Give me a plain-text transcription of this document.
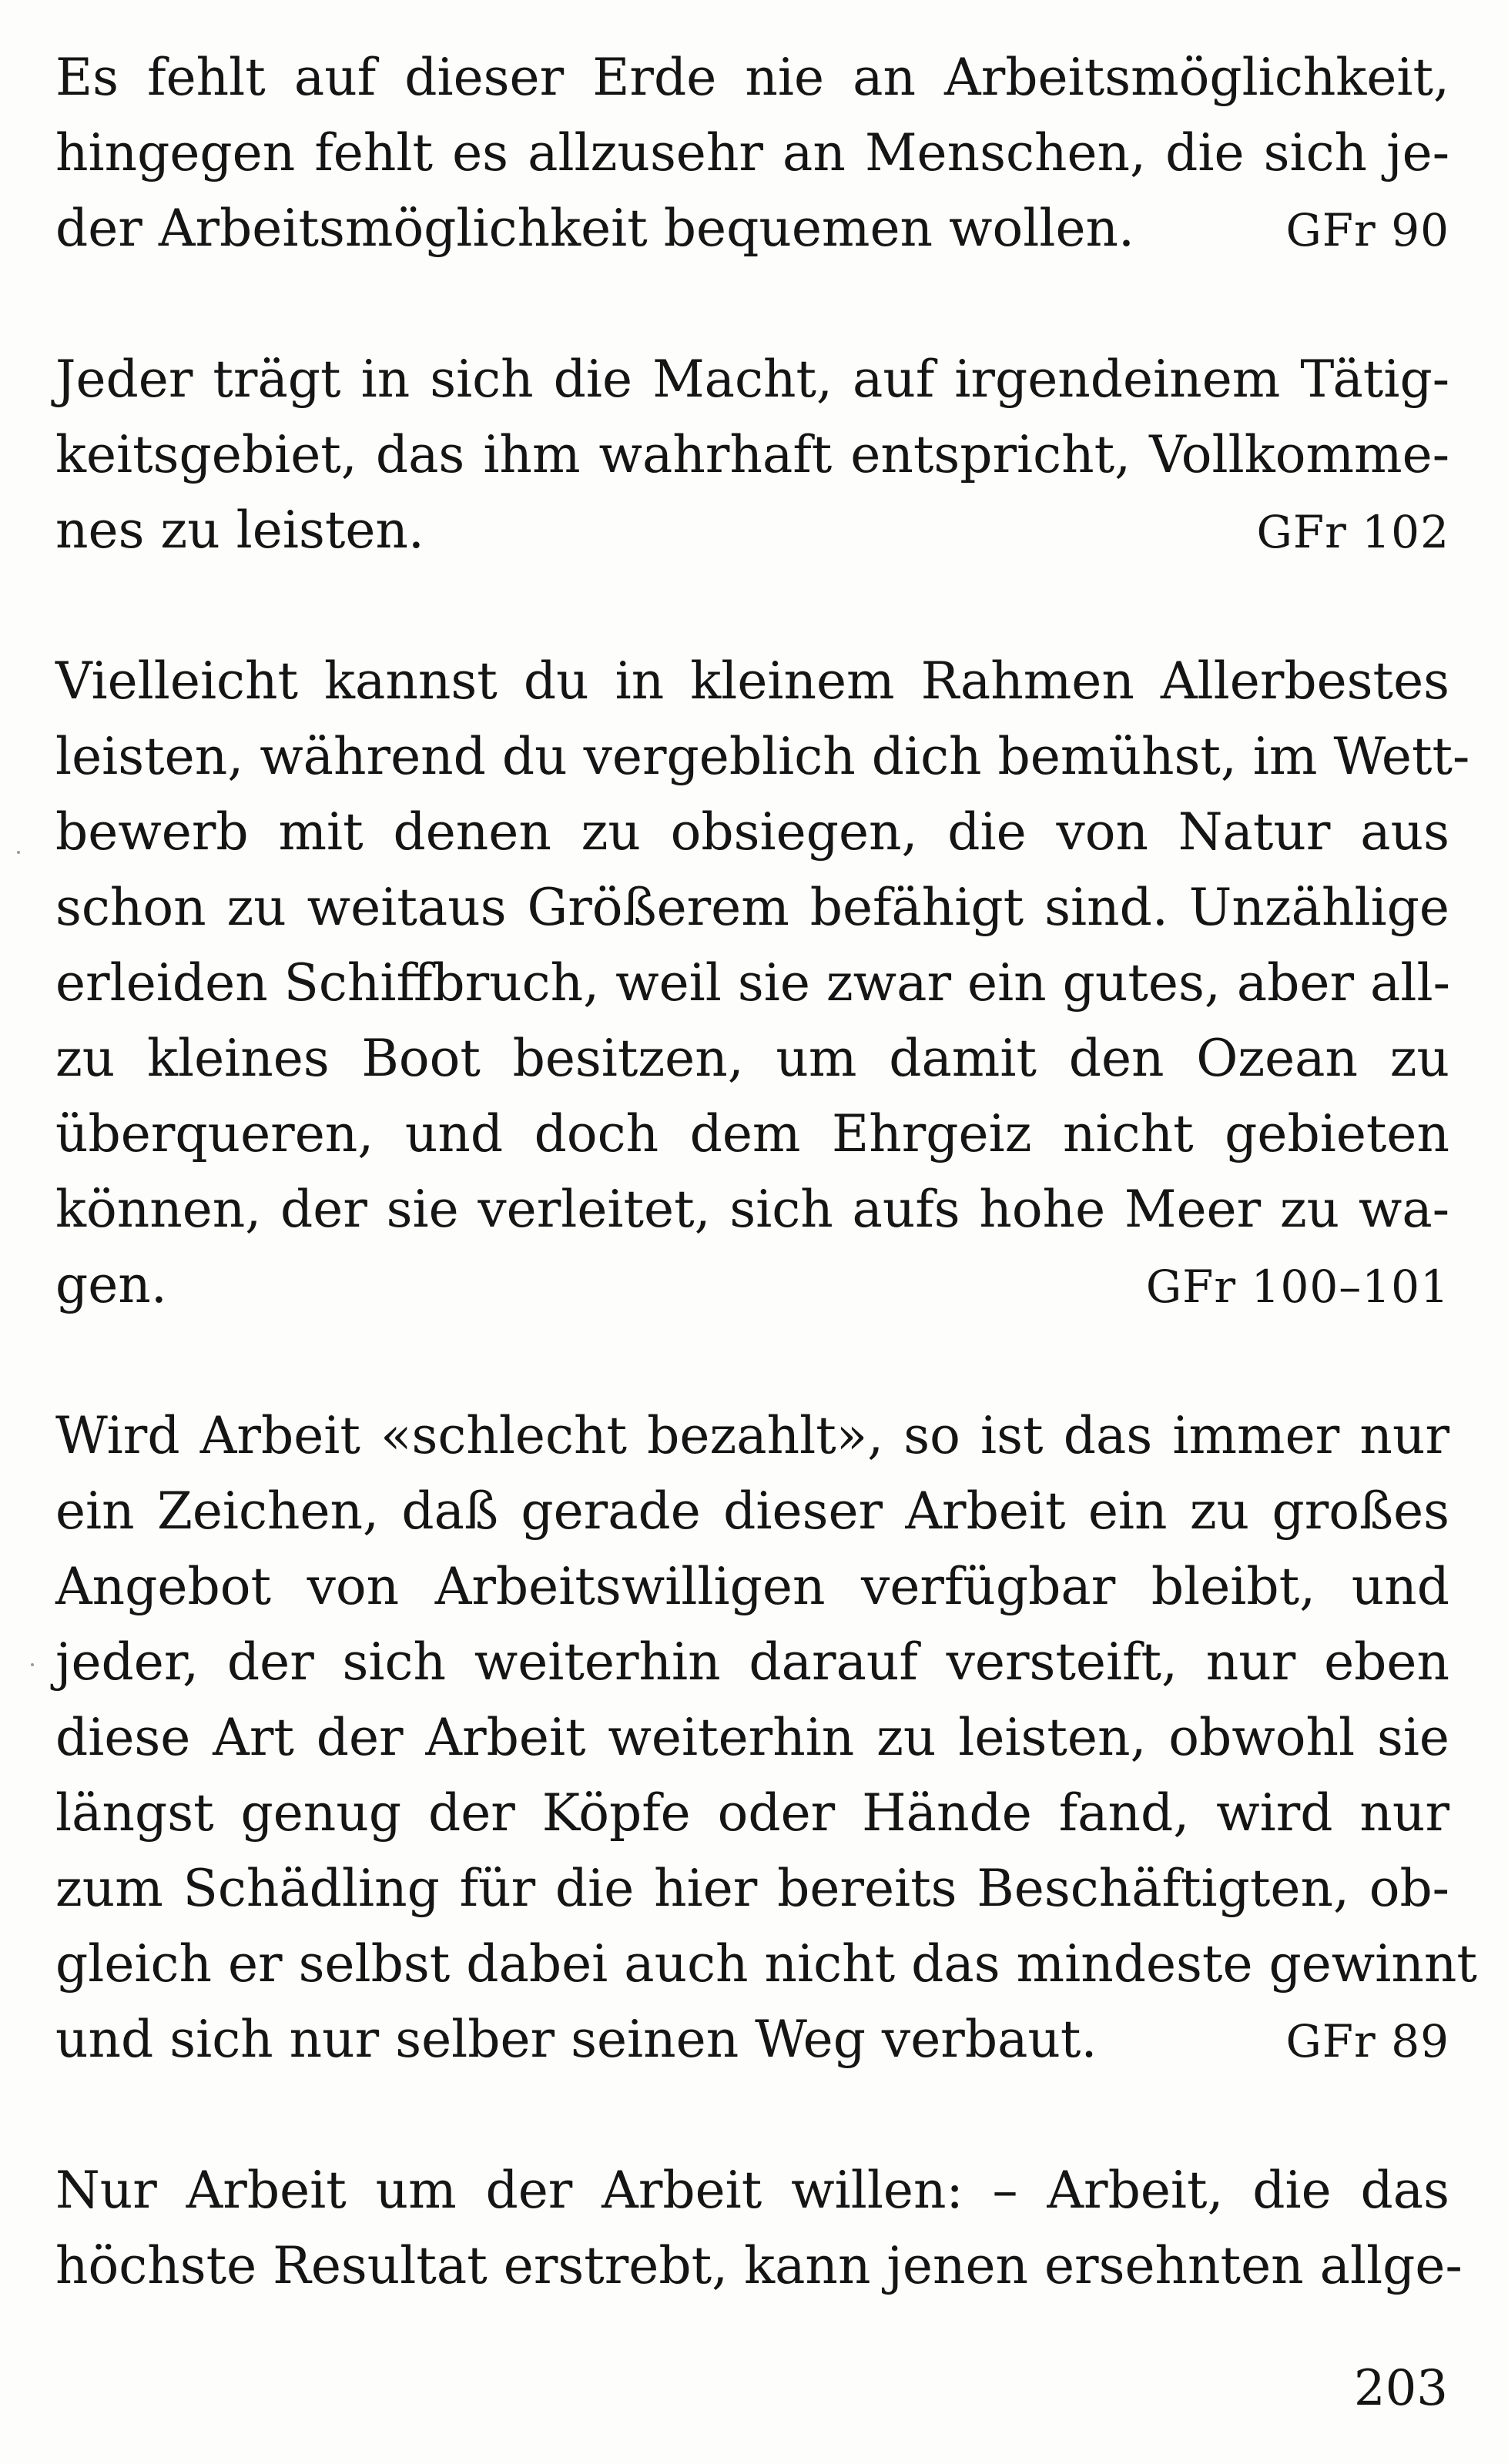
Es fehlt auf dieser Erde nie an Arbeitsmöglichkeit,
hingegen fehlt es allzusehr an Menschen, die sich je-
der Arbeitsmöglichkeit bequemen wollen.	GFr 90

Jeder trägt in sich die Macht, auf irgendeinem Tätig-
keitsgebiet, das ihm wahrhaft entspricht, Vollkomme-
nes zu leisten.	GFr 102

Vielleicht kannst du in kleinem Rahmen Allerbestes
leisten, während du vergeblich dich bemühst, im Wett-
bewerb mit denen zu obsiegen, die von Natur aus
schon zu weitaus Größerem befähigt sind. Unzählige
erleiden Schiffbruch, weil sie zwar ein gutes, aber all-
zu kleines Boot besitzen, um damit den Ozean zu
überqueren, und doch dem Ehrgeiz nicht gebieten
können, der sie verleitet, sich aufs hohe Meer zu wa-
gen.	GFr 100–101

Wird Arbeit «schlecht bezahlt», so ist das immer nur
ein Zeichen, daß gerade dieser Arbeit ein zu großes
Angebot von Arbeitswilligen verfügbar bleibt, und
jeder, der sich weiterhin darauf versteift, nur eben
diese Art der Arbeit weiterhin zu leisten, obwohl sie
längst genug der Köpfe oder Hände fand, wird nur
zum Schädling für die hier bereits Beschäftigten, ob-
gleich er selbst dabei auch nicht das mindeste gewinnt
und sich nur selber seinen Weg verbaut.	GFr 89

Nur Arbeit um der Arbeit willen: – Arbeit, die das
höchste Resultat erstrebt, kann jenen ersehnten allge-

203
